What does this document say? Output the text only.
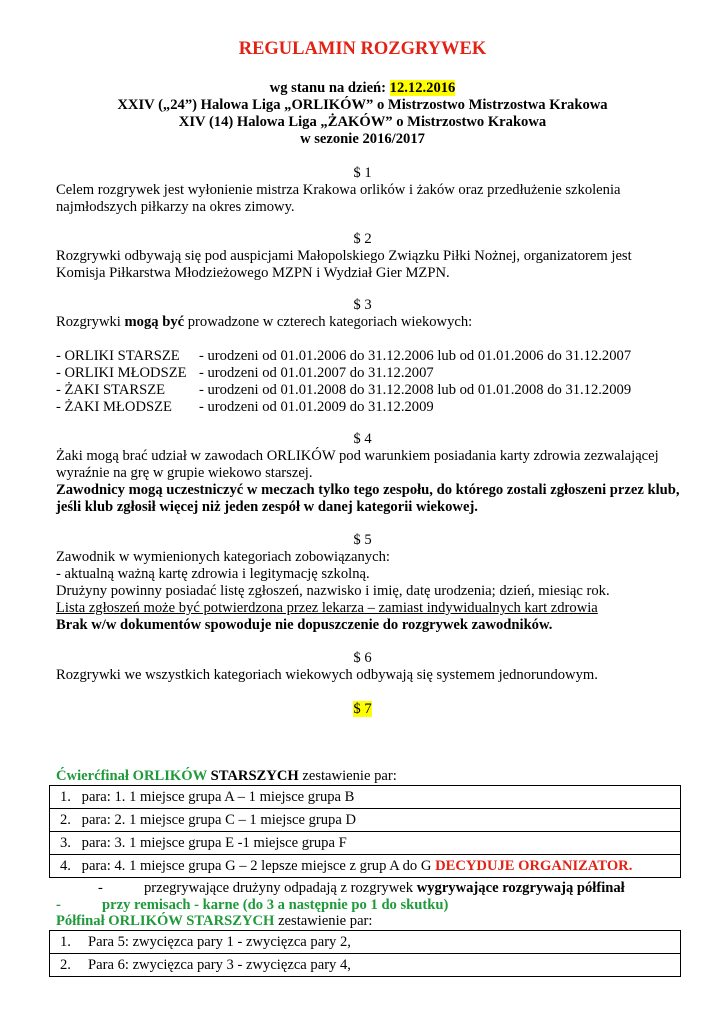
REGULAMIN ROZGRYWEK
wg stanu na dzień: 12.12.2016
XXIV („24”) Halowa Liga „ORLIKÓW” o Mistrzostwo Mistrzostwa Krakowa
XIV (14) Halowa Liga „ŻAKÓW” o Mistrzostwo Krakowa
w sezonie 2016/2017
$ 1
Celem rozgrywek jest wyłonienie mistrza Krakowa orlików i żaków oraz przedłużenie szkolenia
najmłodszych piłkarzy na okres zimowy.
$ 2
Rozgrywki odbywają się pod auspicjami Małopolskiego Związku Piłki Nożnej, organizatorem jest
Komisja Piłkarstwa Młodzieżowego MZPN i Wydział Gier MZPN.
$ 3
Rozgrywki mogą być prowadzone w czterech kategoriach wiekowych:
- ORLIKI STARSZE - urodzeni od 01.01.2006 do 31.12.2006 lub od 01.01.2006 do 31.12.2007
- ORLIKI MŁODSZE - urodzeni od 01.01.2007 do 31.12.2007
- ŻAKI STARSZE - urodzeni od 01.01.2008 do 31.12.2008 lub od 01.01.2008 do 31.12.2009
- ŻAKI MŁODSZE - urodzeni od 01.01.2009 do 31.12.2009
$ 4
Żaki mogą brać udział w zawodach ORLIKÓW pod warunkiem posiadania karty zdrowia zezwalającej
wyraźnie na grę w grupie wiekowo starszej.
Zawodnicy mogą uczestniczyć w meczach tylko tego zespołu, do którego zostali zgłoszeni przez klub,
jeśli klub zgłosił więcej niż jeden zespół w danej kategorii wiekowej.
$ 5
Zawodnik w wymienionych kategoriach zobowiązanych:
- aktualną ważną kartę zdrowia i legitymację szkolną.
Drużyny powinny posiadać listę zgłoszeń, nazwisko i imię, datę urodzenia; dzień, miesiąc rok.
Lista zgłoszeń może być potwierdzona przez lekarza – zamiast indywidualnych kart zdrowia
Brak w/w dokumentów spowoduje nie dopuszczenie do rozgrywek zawodników.
$ 6
Rozgrywki we wszystkich kategoriach wiekowych odbywają się systemem jednorundowym.
$ 7
Ćwierćfinał ORLIKÓW STARSZYCH zestawienie par:
1. para: 1. 1 miejsce grupa A – 1 miejsce grupa B
2. para: 2. 1 miejsce grupa C – 1 miejsce grupa D
3. para: 3. 1 miejsce grupa E -1 miejsce grupa F
4. para: 4. 1 miejsce grupa G – 2 lepsze miejsce z grup A do G DECYDUJE ORGANIZATOR.
-	przegrywające drużyny odpadają z rozgrywek wygrywające rozgrywają półfinał
-	przy remisach - karne (do 3 a następnie po 1 do skutku)
Półfinał ORLIKÓW STARSZYCH zestawienie par:
1. Para 5: zwycięzca pary 1 - zwycięzca pary 2,
2. Para 6: zwycięzca pary 3 - zwycięzca pary 4,
